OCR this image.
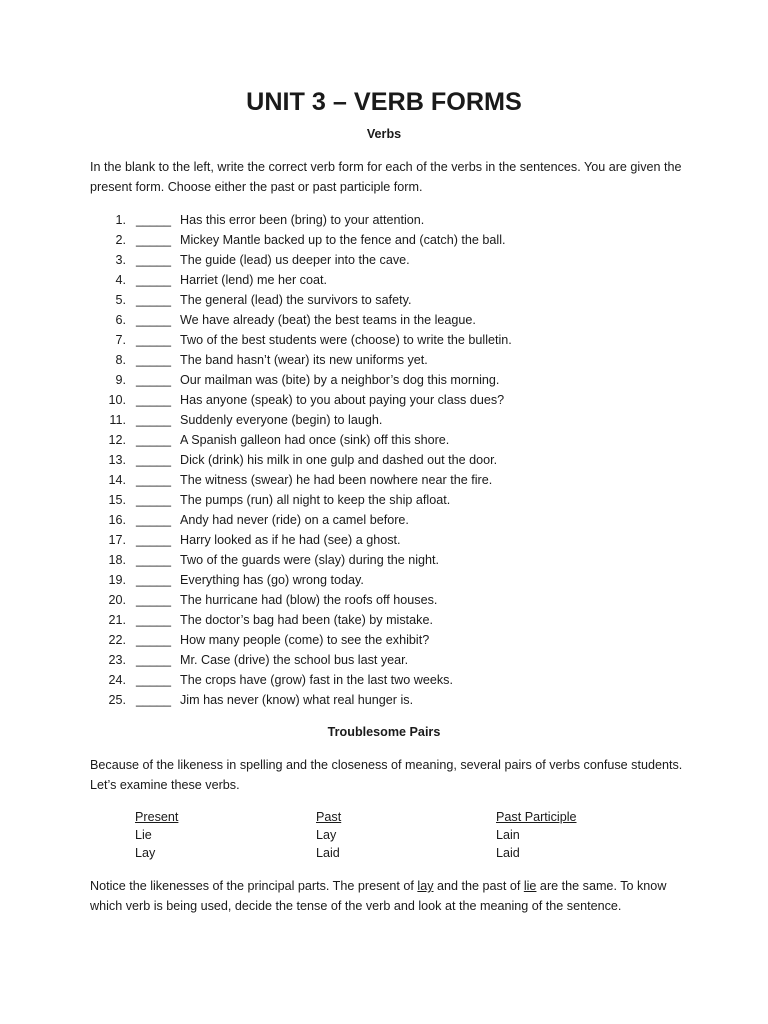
UNIT 3 – VERB FORMS
Verbs

In the blank to the left, write the correct verb form for each of the verbs in the sentences. You are given the present form. Choose either the past or past participle form.

1. _____ Has this error been (bring) to your attention.
2. _____ Mickey Mantle backed up to the fence and (catch) the ball.
3. _____ The guide (lead) us deeper into the cave.
4. _____ Harriet (lend) me her coat.
5. _____ The general (lead) the survivors to safety.
6. _____ We have already (beat) the best teams in the league.
7. _____ Two of the best students were (choose) to write the bulletin.
8. _____ The band hasn’t (wear) its new uniforms yet.
9. _____ Our mailman was (bite) by a neighbor’s dog this morning.
10. _____ Has anyone (speak) to you about paying your class dues?
11. _____ Suddenly everyone (begin) to laugh.
12. _____ A Spanish galleon had once (sink) off this shore.
13. _____ Dick (drink) his milk in one gulp and dashed out the door.
14. _____ The witness (swear) he had been nowhere near the fire.
15. _____ The pumps (run) all night to keep the ship afloat.
16. _____ Andy had never (ride) on a camel before.
17. _____ Harry looked as if he had (see) a ghost.
18. _____ Two of the guards were (slay) during the night.
19. _____ Everything has (go) wrong today.
20. _____ The hurricane had (blow) the roofs off houses.
21. _____ The doctor’s bag had been (take) by mistake.
22. _____ How many people (come) to see the exhibit?
23. _____ Mr. Case (drive) the school bus last year.
24. _____ The crops have (grow) fast in the last two weeks.
25. _____ Jim has never (know) what real hunger is.
Troublesome Pairs

Because of the likeness in spelling and the closeness of meaning, several pairs of verbs confuse students. Let’s examine these verbs.

Present	Past	Past Participle
Lie	Lay	Lain
Lay	Laid	Laid

Notice the likenesses of the principal parts. The present of lay and the past of lie are the same. To know which verb is being used, decide the tense of the verb and look at the meaning of the sentence.
